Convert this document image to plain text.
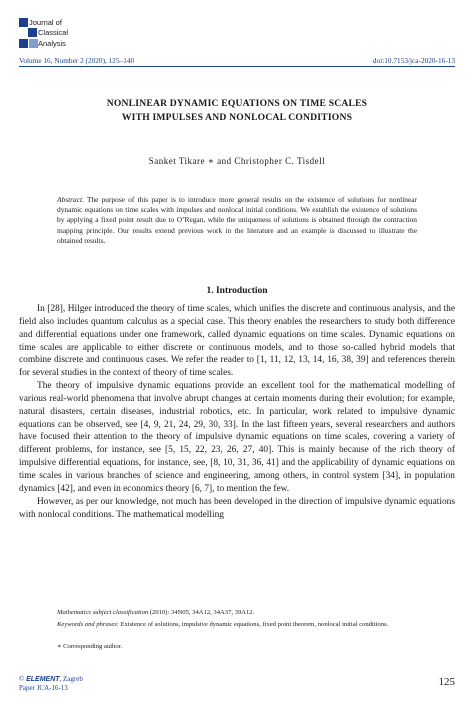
Journal of
Classical
Analysis
Volume 16, Number 2 (2020), 125–140	doi:10.7153/jca-2020-16-13
NONLINEAR DYNAMIC EQUATIONS ON TIME SCALES
WITH IMPULSES AND NONLOCAL CONDITIONS
Sanket Tikare ∗ and Christopher C. Tisdell
Abstract. The purpose of this paper is to introduce more general results on the existence of solutions for nonlinear dynamic equations on time scales with impulses and nonlocal initial conditions. We establish the existence of solutions by applying a fixed point result due to O’Regan, while the uniqueness of solutions is obtained through the contraction mapping principle. Our results extend previous work in the literature and an example is discussed to illustrate the obtained results.
1. Introduction

In [28], Hilger introduced the theory of time scales, which unifies the discrete and continuous analysis, and the field also includes quantum calculus as a special case. This theory enables the researchers to study both difference and differential equations under one framework, called dynamic equations on time scales. Dynamic equations on time scales are applicable to either discrete or continuous models, and to those so-called hybrid models that combine discrete and continuous cases. We refer the reader to [1, 11, 12, 13, 14, 16, 38, 39] and references therein for several studies in the context of theory of time scales.

The theory of impulsive dynamic equations provide an excellent tool for the mathematical modelling of various real-world phenomena that involve abrupt changes at certain moments during their evolution; for example, natural disasters, certain diseases, industrial robotics, etc. In particular, work related to impulsive dynamic equations can be observed, see [4, 9, 21, 24, 29, 30, 33]. In the last fifteen years, several researchers and authors have focused their attention to the theory of impulsive dynamic equations on time scales, covering a variety of different problems, for instance, see [5, 15, 22, 23, 26, 27, 40]. This is mainly because of the rich theory of impulsive differential equations, for instance, see, [8, 10, 31, 36, 41] and the applicability of dynamic equations on time scales in various branches of science and engineering, among others, in control system [34], in population dynamics [42], and even in economics theory [6, 7], to mention the few.

However, as per our knowledge, not much has been developed in the direction of impulsive dynamic equations with nonlocal conditions. The mathematical modelling

Mathematics subject classification (2010): 34N05, 34A12, 34A37, 39A12.
Keywords and phrases: Existence of solutions, impulsive dynamic equations, fixed point theorem, nonlocal initial conditions.
∗ Corresponding author.
© ELEMENT, Zagreb
Paper JCA-16-13	125
